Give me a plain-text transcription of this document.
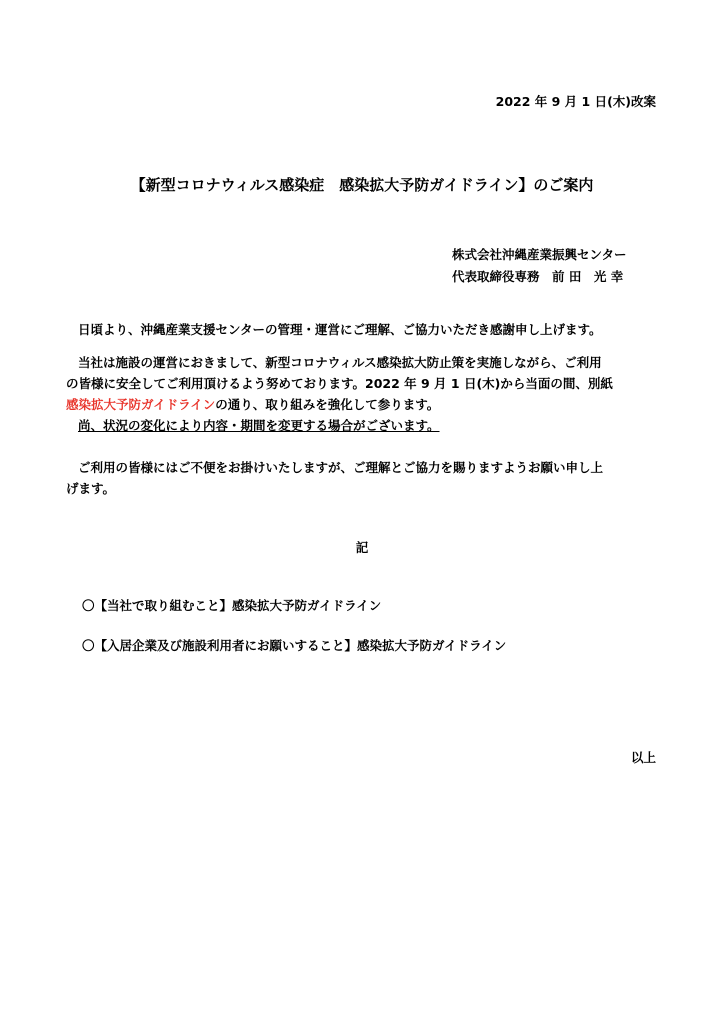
2022 年 9 月 1 日(木)改案
【新型コロナウィルス感染症　感染拡大予防ガイドライン】のご案内
株式会社沖縄産業振興センター
代表取締役専務　前 田　光 幸
日頃より、沖縄産業支援センターの管理・運営にご理解、ご協力いただき感謝申し上げます。
当社は施設の運営におきまして、新型コロナウィルス感染拡大防止策を実施しながら、ご利用
の皆様に安全してご利用頂けるよう努めております。2022 年 9 月 1 日(木)から当面の間、別紙
感染拡大予防ガイドラインの通り、取り組みを強化して参ります。
尚、状況の変化により内容・期間を変更する場合がございます。
ご利用の皆様にはご不便をお掛けいたしますが、ご理解とご協力を賜りますようお願い申し上
げます。
記
〇【当社で取り組むこと】感染拡大予防ガイドライン
〇【入居企業及び施設利用者にお願いすること】感染拡大予防ガイドライン
以上
